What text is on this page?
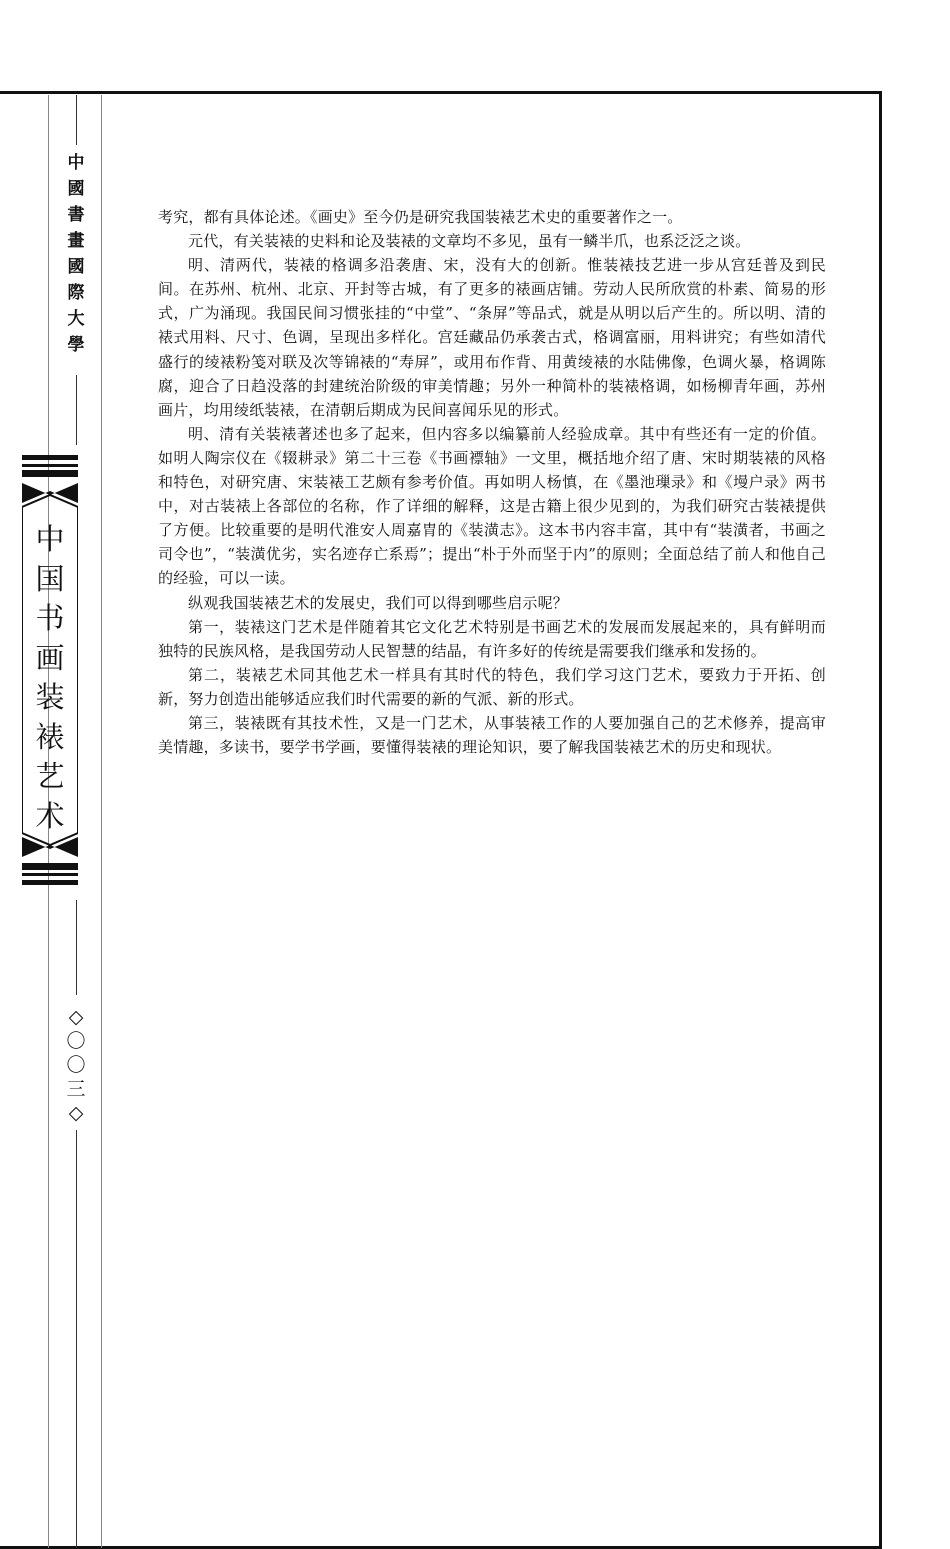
中
國
書
畫
國
際
大
學
中
国
书
画
装
裱
艺
术
◇
〇
〇
三
◇

考究，都有具体论述。《画史》至今仍是研究我国装裱艺术史的重要著作之一。

元代，有关装裱的史料和论及装裱的文章均不多见，虽有一鳞半爪，也系泛泛之谈。

明、清两代，装裱的格调多沿袭唐、宋，没有大的创新。惟装裱技艺进一步从宫廷普及到民间。在苏州、杭州、北京、开封等古城，有了更多的裱画店铺。劳动人民所欣赏的朴素、简易的形式，广为涌现。我国民间习惯张挂的“中堂”、“条屏”等品式，就是从明以后产生的。所以明、清的裱式用料、尺寸、色调，呈现出多样化。宫廷藏品仍承袭古式，格调富丽，用料讲究；有些如清代盛行的绫裱粉笺对联及次等锦裱的“寿屏”，或用布作背、用黄绫裱的水陆佛像，色调火暴，格调陈腐，迎合了日趋没落的封建统治阶级的审美情趣；另外一种简朴的装裱格调，如杨柳青年画，苏州画片，均用绫纸装裱，在清朝后期成为民间喜闻乐见的形式。

明、清有关装裱著述也多了起来，但内容多以编纂前人经验成章。其中有些还有一定的价值。如明人陶宗仪在《辍耕录》第二十三卷《书画褾轴》一文里，概括地介绍了唐、宋时期装裱的风格和特色，对研究唐、宋装裱工艺颇有参考价值。再如明人杨慎，在《墨池璅录》和《墁户录》两书中，对古装裱上各部位的名称，作了详细的解释，这是古籍上很少见到的，为我们研究古装裱提供了方便。比较重要的是明代淮安人周嘉胄的《装潢志》。这本书内容丰富，其中有“装潢者，书画之司令也”，“装潢优劣，实名迹存亡系焉”；提出“朴于外而坚于内”的原则；全面总结了前人和他自己的经验，可以一读。

纵观我国装裱艺术的发展史，我们可以得到哪些启示呢？

第一，装裱这门艺术是伴随着其它文化艺术特别是书画艺术的发展而发展起来的，具有鲜明而独特的民族风格，是我国劳动人民智慧的结晶，有许多好的传统是需要我们继承和发扬的。

第二，装裱艺术同其他艺术一样具有其时代的特色，我们学习这门艺术，要致力于开拓、创新，努力创造出能够适应我们时代需要的新的气派、新的形式。

第三，装裱既有其技术性，又是一门艺术，从事装裱工作的人要加强自己的艺术修养，提高审美情趣，多读书，要学书学画，要懂得装裱的理论知识，要了解我国装裱艺术的历史和现状。
